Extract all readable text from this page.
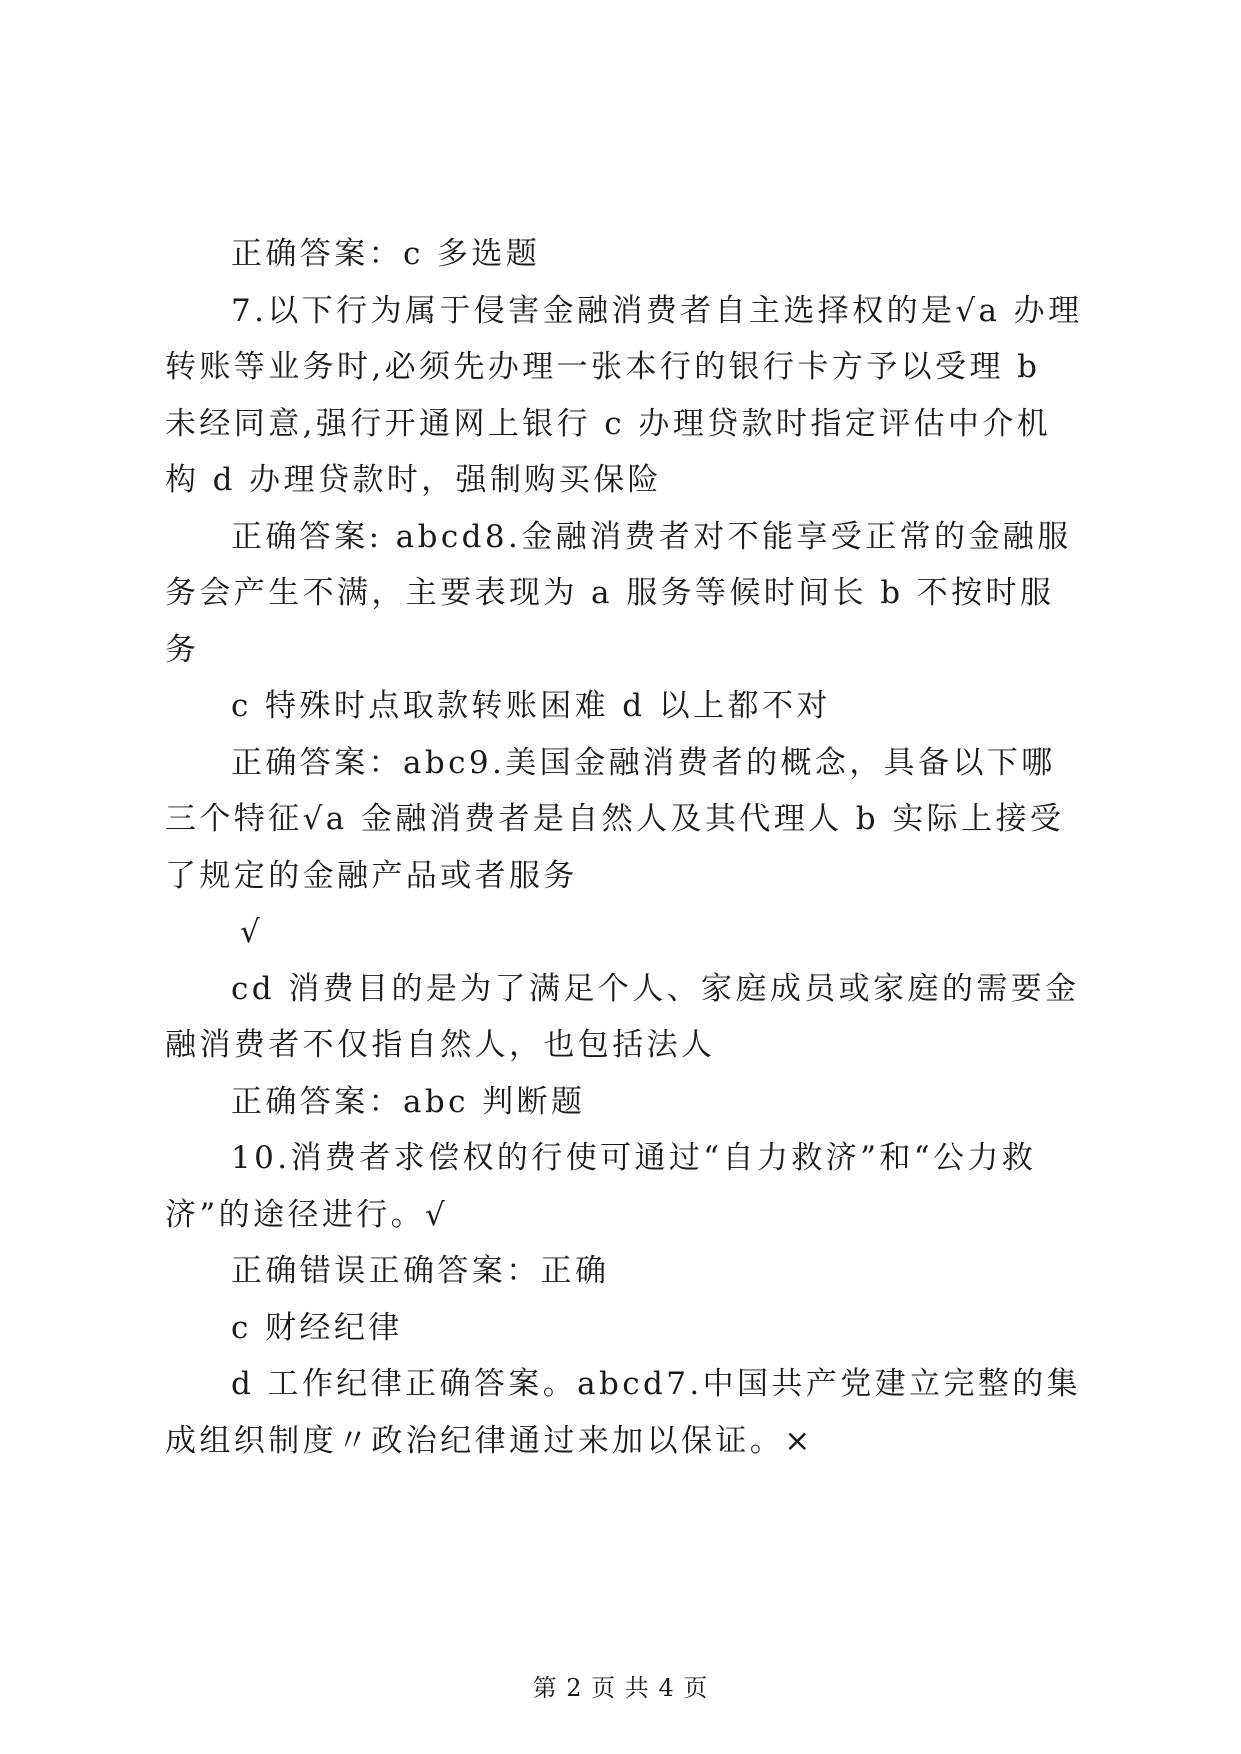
正确答案：c 多选题

7.以下行为属于侵害金融消费者自主选择权的是√a 办理转账等业务时,必须先办理一张本行的银行卡方予以受理 b 未经同意,强行开通网上银行 c 办理贷款时指定评估中介机构 d 办理贷款时，强制购买保险

正确答案: abcd8.金融消费者对不能享受正常的金融服务会产生不满，主要表现为 a 服务等候时间长 b 不按时服务

c 特殊时点取款转账困难 d 以上都不对

正确答案：abc9.美国金融消费者的概念，具备以下哪三个特征√a 金融消费者是自然人及其代理人 b 实际上接受了规定的金融产品或者服务

√

cd 消费目的是为了满足个人、家庭成员或家庭的需要金融消费者不仅指自然人，也包括法人

正确答案：abc 判断题

10.消费者求偿权的行使可通过“自力救济”和“公力救济”的途径进行。√

正确错误正确答案：正确

c 财经纪律

d 工作纪律正确答案。abcd7.中国共产党建立完整的集成组织制度〃政治纪律通过来加以保证。×

第 2 页 共 4 页
